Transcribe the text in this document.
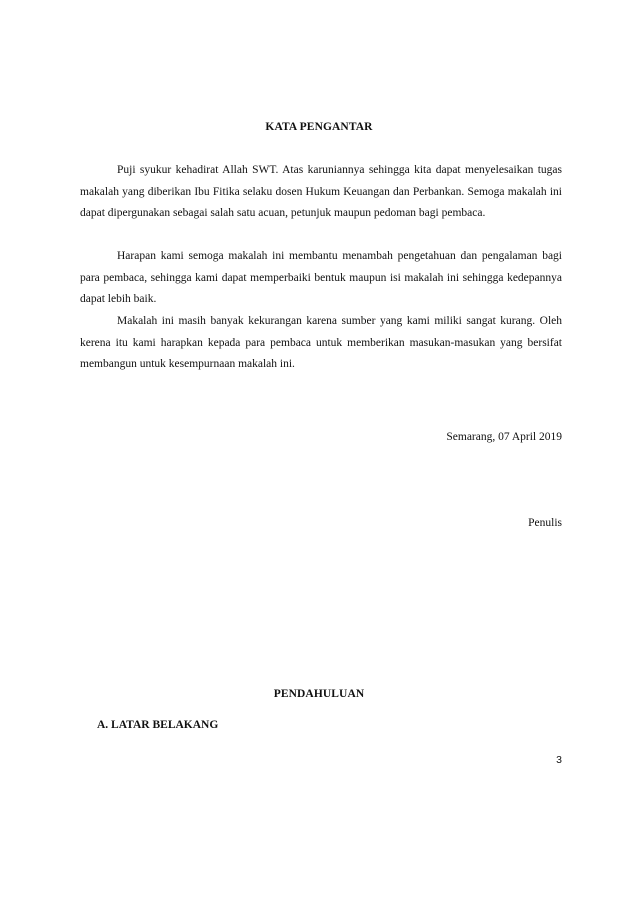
KATA PENGANTAR

Puji syukur kehadirat Allah SWT. Atas karuniannya sehingga kita dapat menyelesaikan tugas makalah yang diberikan Ibu Fitika selaku dosen Hukum Keuangan dan Perbankan. Semoga makalah ini dapat dipergunakan sebagai salah satu acuan, petunjuk maupun pedoman bagi pembaca.

Harapan kami semoga makalah ini membantu menambah pengetahuan dan pengalaman bagi para pembaca, sehingga kami dapat memperbaiki bentuk maupun isi makalah ini sehingga kedepannya dapat lebih baik.

Makalah ini masih banyak kekurangan karena sumber yang kami miliki sangat kurang. Oleh kerena itu kami harapkan kepada para pembaca untuk memberikan masukan-masukan yang bersifat membangun untuk kesempurnaan makalah ini.

Semarang, 07 April 2019
Penulis
PENDAHULUAN
A. LATAR BELAKANG
3
